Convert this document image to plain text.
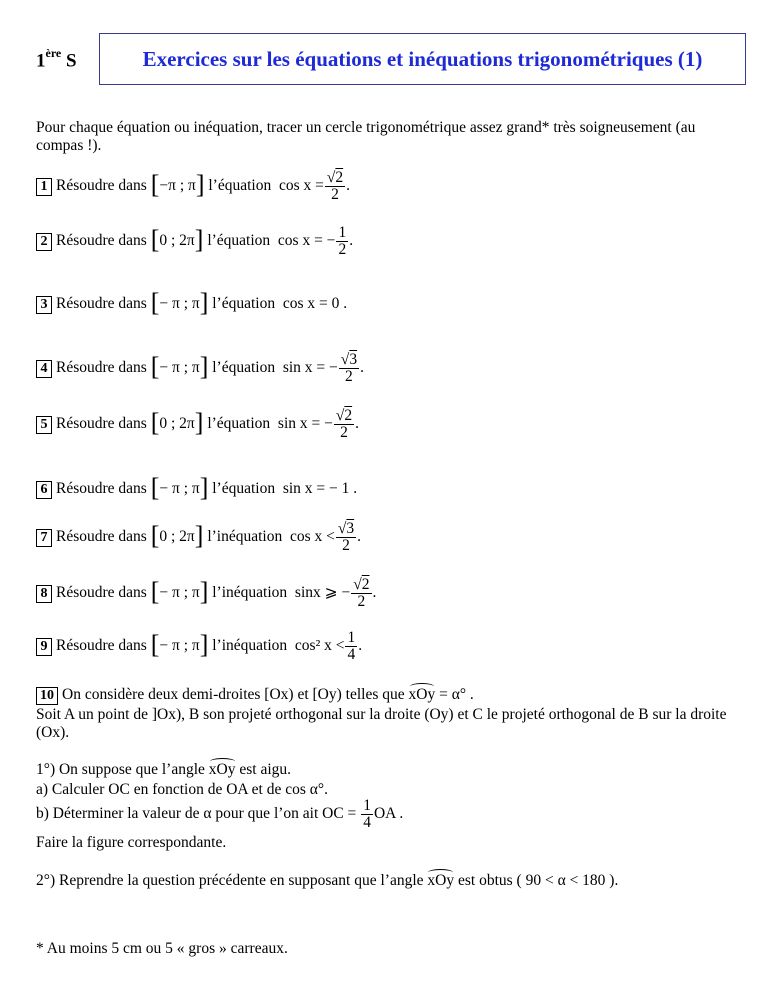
1ère S	Exercices sur les équations et inéquations trigonométriques (1)
Pour chaque équation ou inéquation, tracer un cercle trigonométrique assez grand* très soigneusement (au compas !).
1 Résoudre dans [−π ; π] l’équation $\cos x = \frac{√2}{2}$ .
2 Résoudre dans [0 ; 2π] l’équation cos x = − $\frac{1}{2}$ .
3 Résoudre dans [− π ; π] l’équation cos x = 0 .
4 Résoudre dans [− π ; π] l’équation sin x = − $\frac{√3}{2}$ .
5 Résoudre dans [0 ; 2π] l’équation sin x = − $\frac{√2}{2}$ .
6 Résoudre dans [− π ; π] l’équation sin x = − 1 .
7 Résoudre dans [0 ; 2π] l’inéquation $\cos x < \frac{√3}{2}$ .
8 Résoudre dans [− π ; π] l’inéquation sinx ⩾ − $\frac{√2}{2}$ .
9 Résoudre dans [− π ; π] l’inéquation cos² $x < \frac{1}{4}$ .
10 On considère deux demi-droites [Ox) et [Oy) telles que xOy = α° .
Soit A un point de ]Ox), B son projeté orthogonal sur la droite (Oy) et C le projeté orthogonal de B sur la droite (Ox).
1°) On suppose que l’angle xOy est aigu.
a) Calculer OC en fonction de OA et de cos α°.
b) Déterminer la valeur de α pour que l’on ait OC = $\frac{1}{4}$ OA .
Faire la figure correspondante.
2°) Reprendre la question précédente en supposant que l’angle xOy est obtus ( 90 < α < 180 ).
* Au moins 5 cm ou 5 « gros » carreaux.
